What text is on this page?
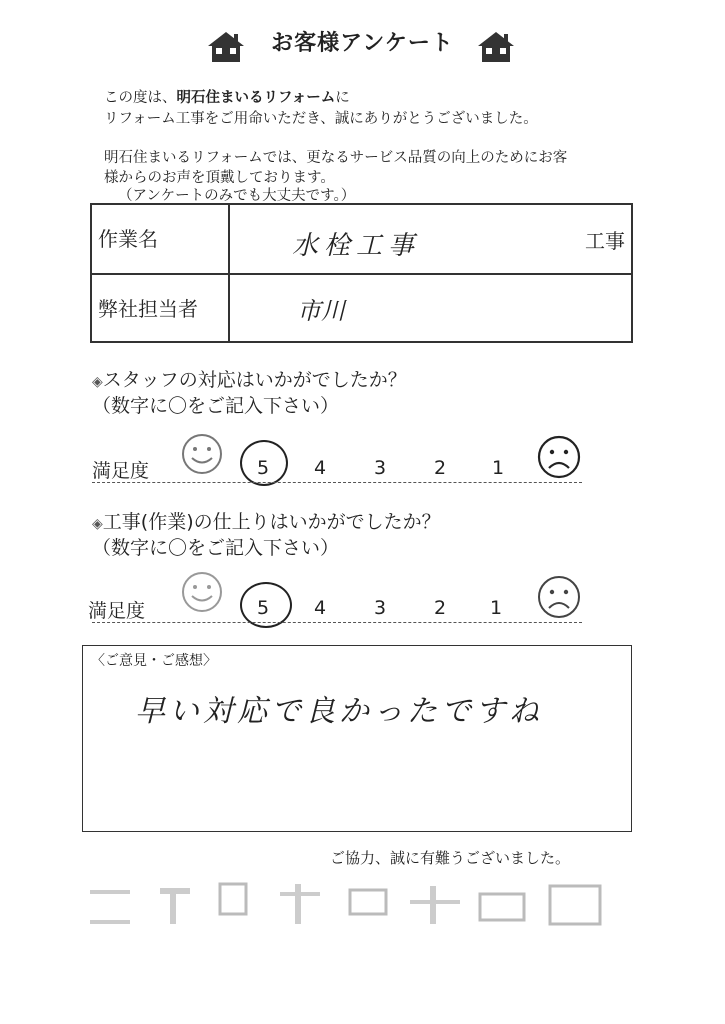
お客様アンケート
この度は、明石住まいるリフォームに
リフォーム工事をご用命いただき、誠にありがとうございました。
明石住まいるリフォームでは、更なるサービス品質の向上のためにお客
様からのお声を頂戴しております。
（アンケートのみでも大丈夫です。）
作業名	水栓工事	工事
弊社担当者	市川
◈スタッフの対応はいかがでしたか？
（数字に〇をご記入下さい）
満足度	5 4	3	2 1
◈工事(作業)の仕上りはいかがでしたか？
（数字に〇をご記入下さい）
満足度	5 4	3	2 1
〈ご意見・ご感想〉
早い対応で良かったですね
ご協力、誠に有難うございました。
